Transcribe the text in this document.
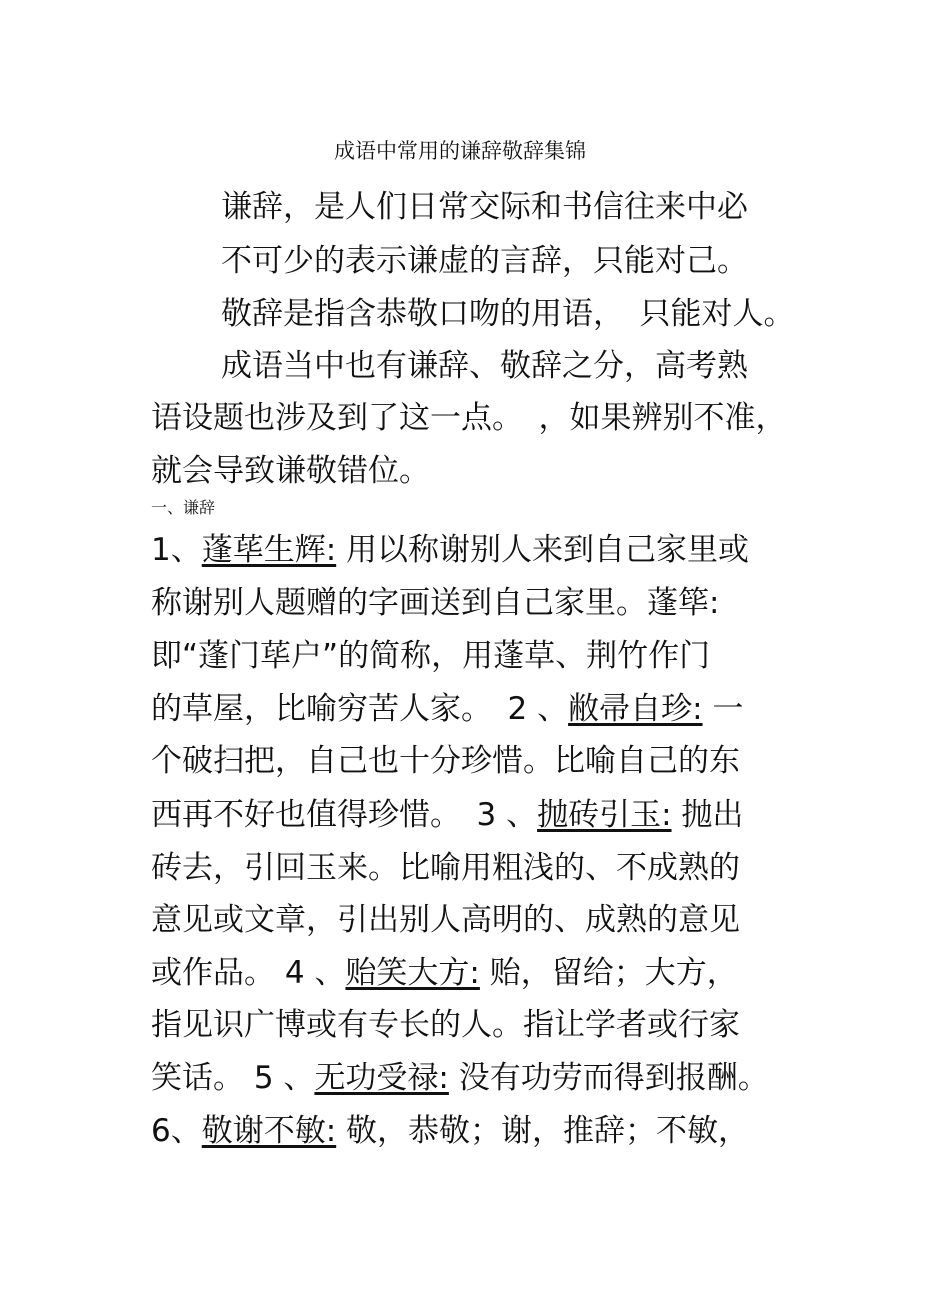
成语中常用的谦辞敬辞集锦
谦辞，是人们日常交际和书信往来中必
不可少的表示谦虚的言辞，只能对己。
敬辞是指含恭敬口吻的用语，　只能对人。
成语当中也有谦辞、敬辞之分，高考熟
语设题也涉及到了这一点。　，如果辨别不准，
就会导致谦敬错位。
一、谦辞
1、蓬荜生辉: 用以称谢别人来到自己家里或
称谢别人题赠的字画送到自己家里。蓬筚:
即“蓬门荜户”的简称，用蓬草、荆竹作门
的草屋，比喻穷苦人家。　2 、敝帚自珍: 一
个破扫把，自己也十分珍惜。比喻自己的东
西再不好也值得珍惜。　3 、抛砖引玉: 抛出
砖去，引回玉来。比喻用粗浅的、不成熟的
意见或文章，引出别人高明的、成熟的意见
或作品。 4 、贻笑大方: 贻，留给；大方，
指见识广博或有专长的人。指让学者或行家
笑话。 5 、无功受禄: 没有功劳而得到报酬。
6、敬谢不敏: 敬，恭敬；谢，推辞；不敏，
